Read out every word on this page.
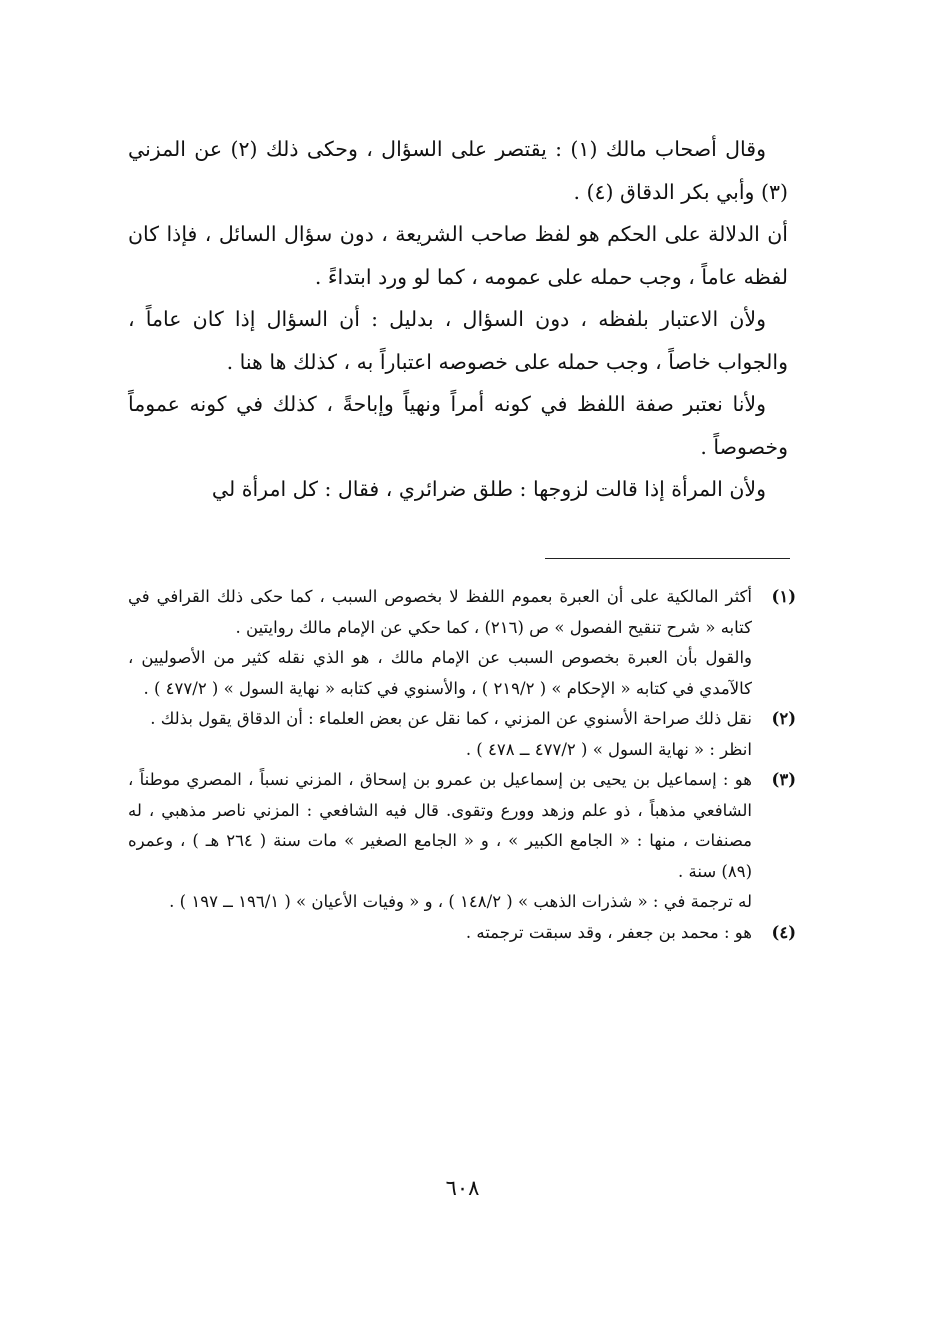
وقال أصحاب مالك (١) : يقتصر على السؤال ، وحكى ذلك (٢) عن المزني (٣) وأبي بكر الدقاق (٤) .

أن الدلالة على الحكم هو لفظ صاحب الشريعة ، دون سؤال السائل ، فإذا كان لفظه عاماً ، وجب حمله على عمومه ، كما لو ورد ابتداءً .

ولأن الاعتبار بلفظه ، دون السؤال ، بدليل : أن السؤال إذا كان عاماً ، والجواب خاصاً ، وجب حمله على خصوصه اعتباراً به ، كذلك ها هنا .

ولأنا نعتبر صفة اللفظ في كونه أمراً ونهياً وإباحةً ، كذلك في كونه عموماً وخصوصاً .

ولأن المرأة إذا قالت لزوجها : طلق ضرائري ، فقال : كل امرأة لي

(١)

أكثر المالكية على أن العبرة بعموم اللفظ لا بخصوص السبب ، كما حكى ذلك القرافي في كتابه « شرح تنقيح الفصول » ص (٢١٦) ، كما حكي عن الإمام مالك روايتين .

والقول بأن العبرة بخصوص السبب عن الإمام مالك ، هو الذي نقله كثير من الأصوليين ، كالآمدي في كتابه « الإحكام » ( ٢١٩/٢ ) ، والأسنوي في كتابه « نهاية السول » ( ٤٧٧/٢ ) .

(٢)

نقل ذلك صراحة الأسنوي عن المزني ، كما نقل عن بعض العلماء : أن الدقاق يقول بذلك .

انظر : « نهاية السول » ( ٤٧٧/٢ ــ ٤٧٨ ) .

(٣)

هو : إسماعيل بن يحيى بن إسماعيل بن عمرو بن إسحاق ، المزني نسباً ، المصري موطناً ، الشافعي مذهباً ، ذو علم وزهد وورع وتقوى. قال فيه الشافعي : المزني ناصر مذهبي ، له مصنفات ، منها : « الجامع الكبير » ، و « الجامع الصغير » مات سنة ( ٢٦٤ هـ ) ، وعمره (٨٩) سنة .

له ترجمة في : « شذرات الذهب » ( ١٤٨/٢ ) ، و « وفيات الأعيان » ( ١٩٦/١ ــ ١٩٧ ) .

(٤)

هو : محمد بن جعفر ، وقد سبقت ترجمته .

٦٠٨
